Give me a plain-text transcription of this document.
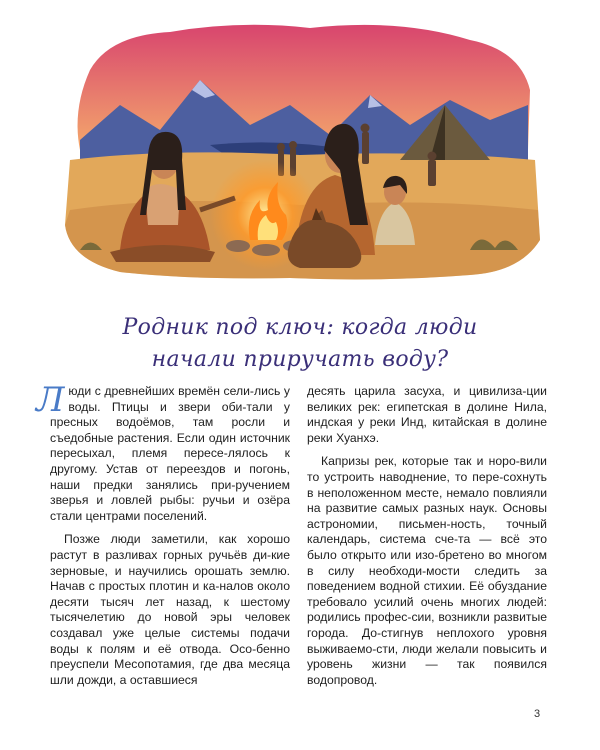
Родник под ключ: когда люди
начали приручать воду?

Люди с древнейших времён сели-лись у воды. Птицы и звери оби-тали у пресных водоёмов, там росли и съедобные растения. Если один источник пересыхал, племя пересе-лялось к другому. Устав от переездов и погонь, наши предки занялись при-ручением зверья и ловлей рыбы: ручьи и озёра стали центрами поселений.

Позже люди заметили, как хорошо растут в разливах горных ручьёв ди-кие зерновые, и научились орошать землю. Начав с простых плотин и ка-налов около десяти тысяч лет назад, к шестому тысячелетию до новой эры человек создавал уже целые системы подачи воды к полям и её отвода. Осо-бенно преуспели Месопотамия, где два месяца шли дожди, а оставшиеся

десять царила засуха, и цивилиза-ции великих рек: египетская в долине Нила, индская у реки Инд, китайская в долине реки Хуанхэ.

Капризы рек, которые так и норо-вили то устроить наводнение, то пере-сохнуть в неположенном месте, немало повлияли на развитие самых разных наук. Основы астрономии, письмен-ность, точный календарь, система сче-та — всё это было открыто или изо-бретено во многом в силу необходи-мости следить за поведением водной стихии. Её обуздание требовало усилий очень многих людей: родились профес-сии, возникли развитые города. До-стигнув неплохого уровня выживаемо-сти, люди желали повысить и уровень жизни — так появился водопровод.

3
